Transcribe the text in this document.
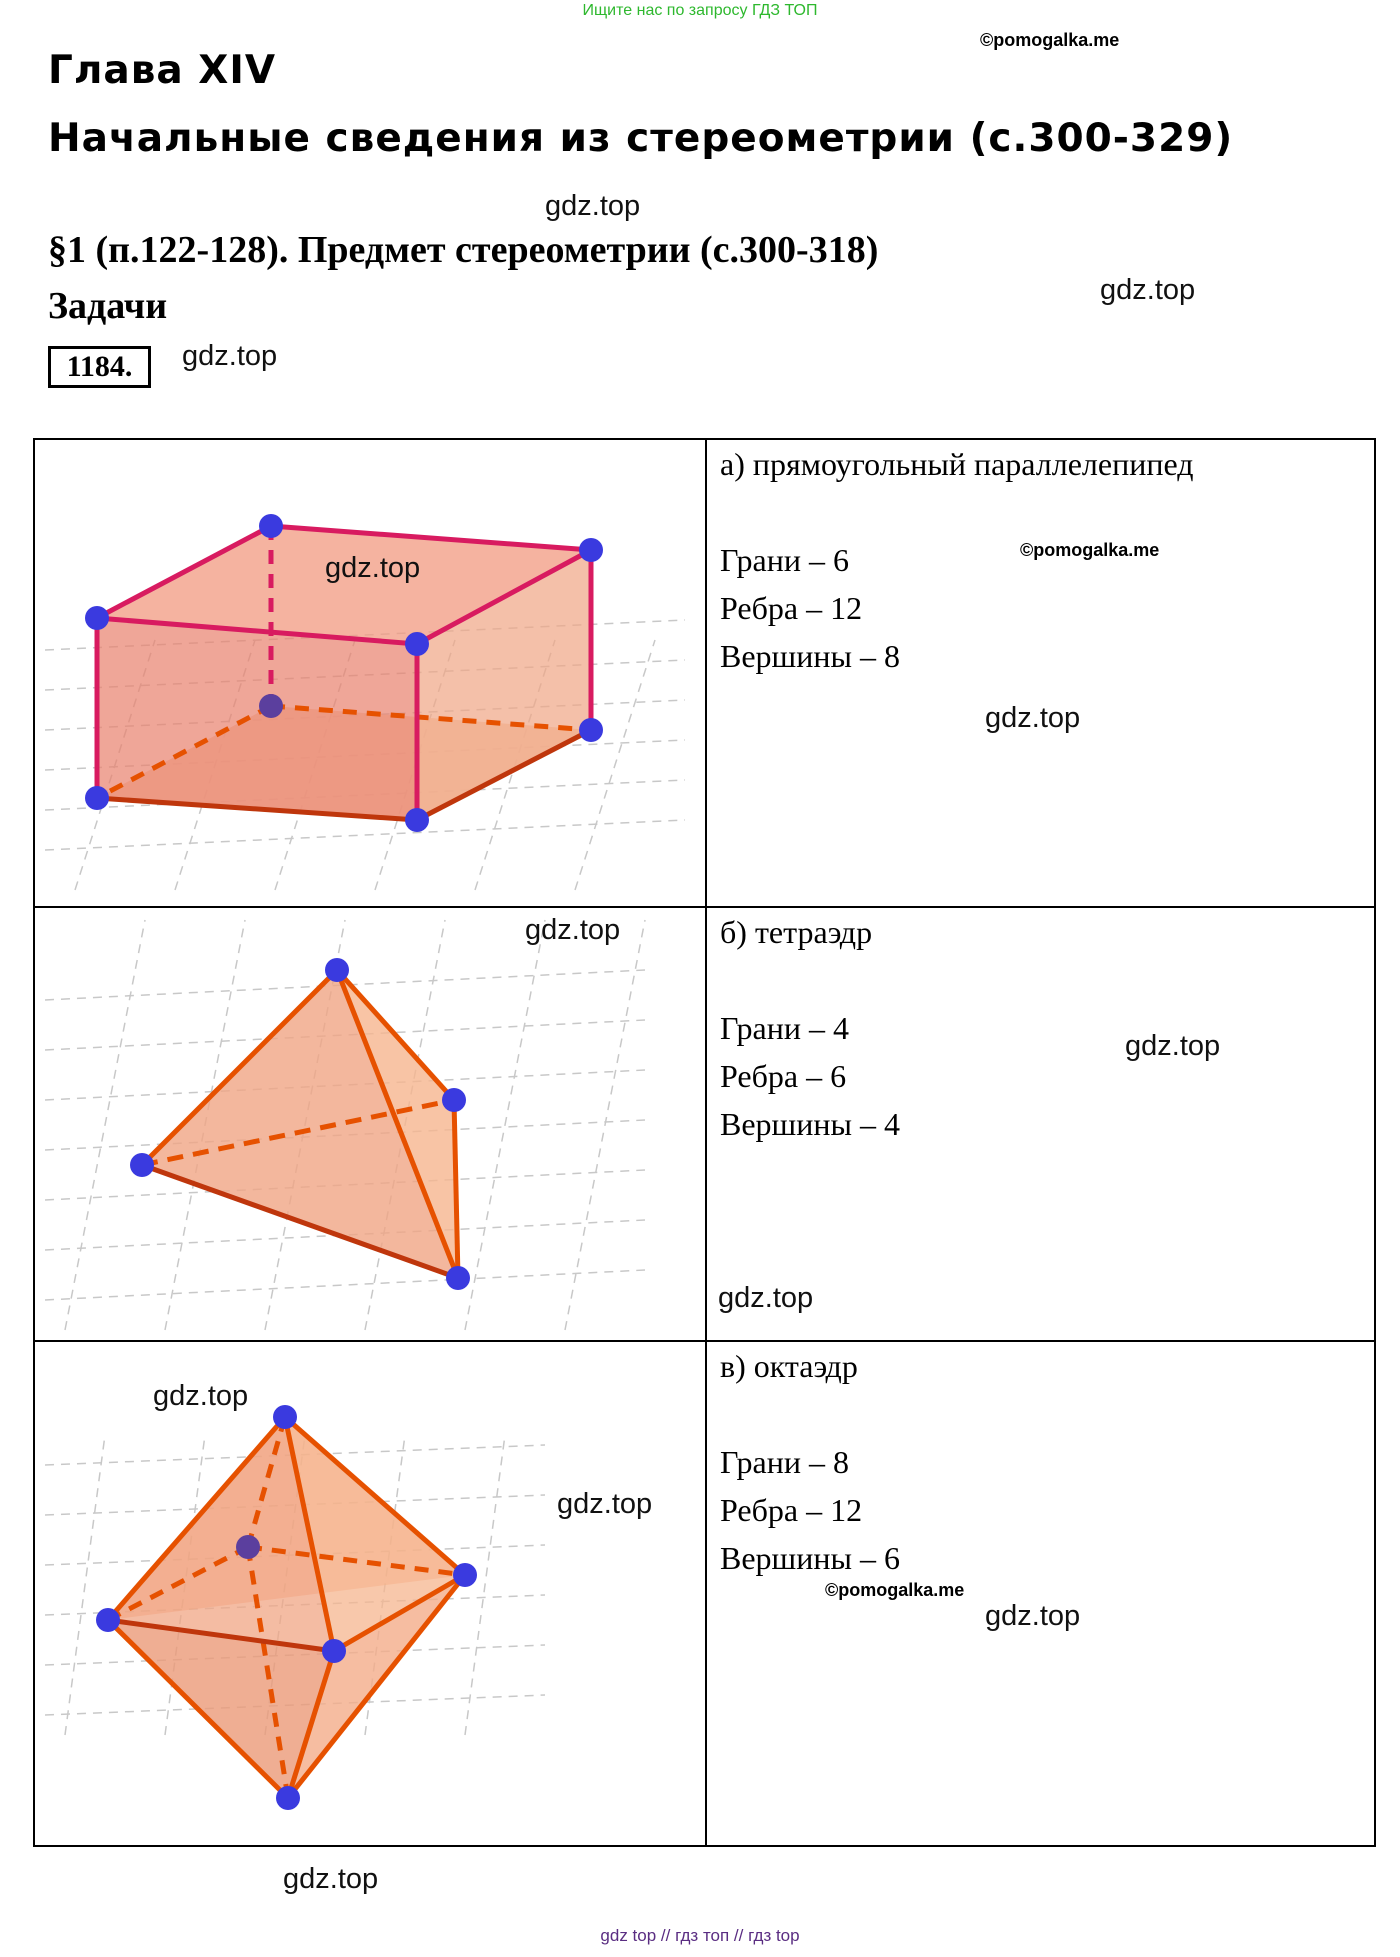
Ищите нас по запросу ГДЗ ТОП
©pomogalka.me
Глава XIV
Начальные сведения из стереометрии (с.300-329)
gdz.top
§1 (п.122-128). Предмет стереометрии (с.300-318)
gdz.top
Задачи
1184.	gdz.top
gdz.top
а) прямоугольный параллелепипед
Грани – 6
Ребра – 12
Вершины – 8
©pomogalka.me
gdz.top
gdz.top	б) тетраэдр
Грани – 4
Ребра – 6
Вершины – 4
gdz.top
gdz.top
gdz.top
gdz.top
в) октаэдр
Грани – 8
Ребра – 12
Вершины – 6
©pomogalka.me
gdz.top
gdz.top
gdz top // гдз топ // гдз top
